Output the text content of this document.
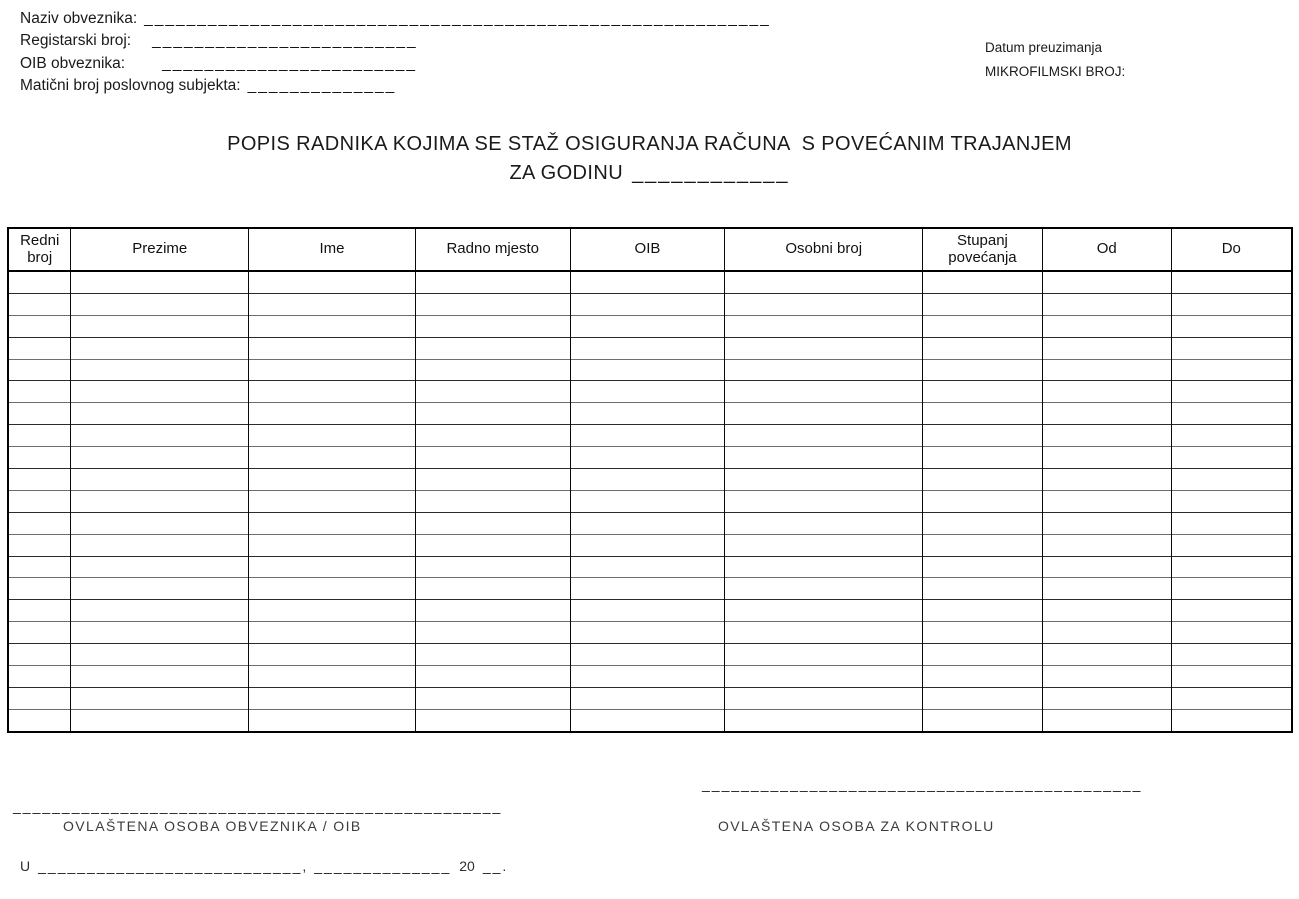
Naziv obveznika: ___________________________________________________________
Registarski broj: _________________________
OIB obveznika: ________________________
Matični broj poslovnog subjekta: ______________
Datum preuzimanja
MIKROFILMSKI BROJ:
POPIS RADNIKA KOJIMA SE STAŽ OSIGURANJA RAČUNA  S POVEĆANIM TRAJANJEM
ZA GODINU ____________
Redni broj	Prezime	Ime	Radno mjesto	OIB	Osobni broj	Stupanj povećanja	Od	Do

__________________________________________________
OVLAŠTENA OSOBA OBVEZNIKA / OIB
_____________________________________________
OVLAŠTENA OSOBA ZA KONTROLU
U ___________________________, ______________ 20 __.
